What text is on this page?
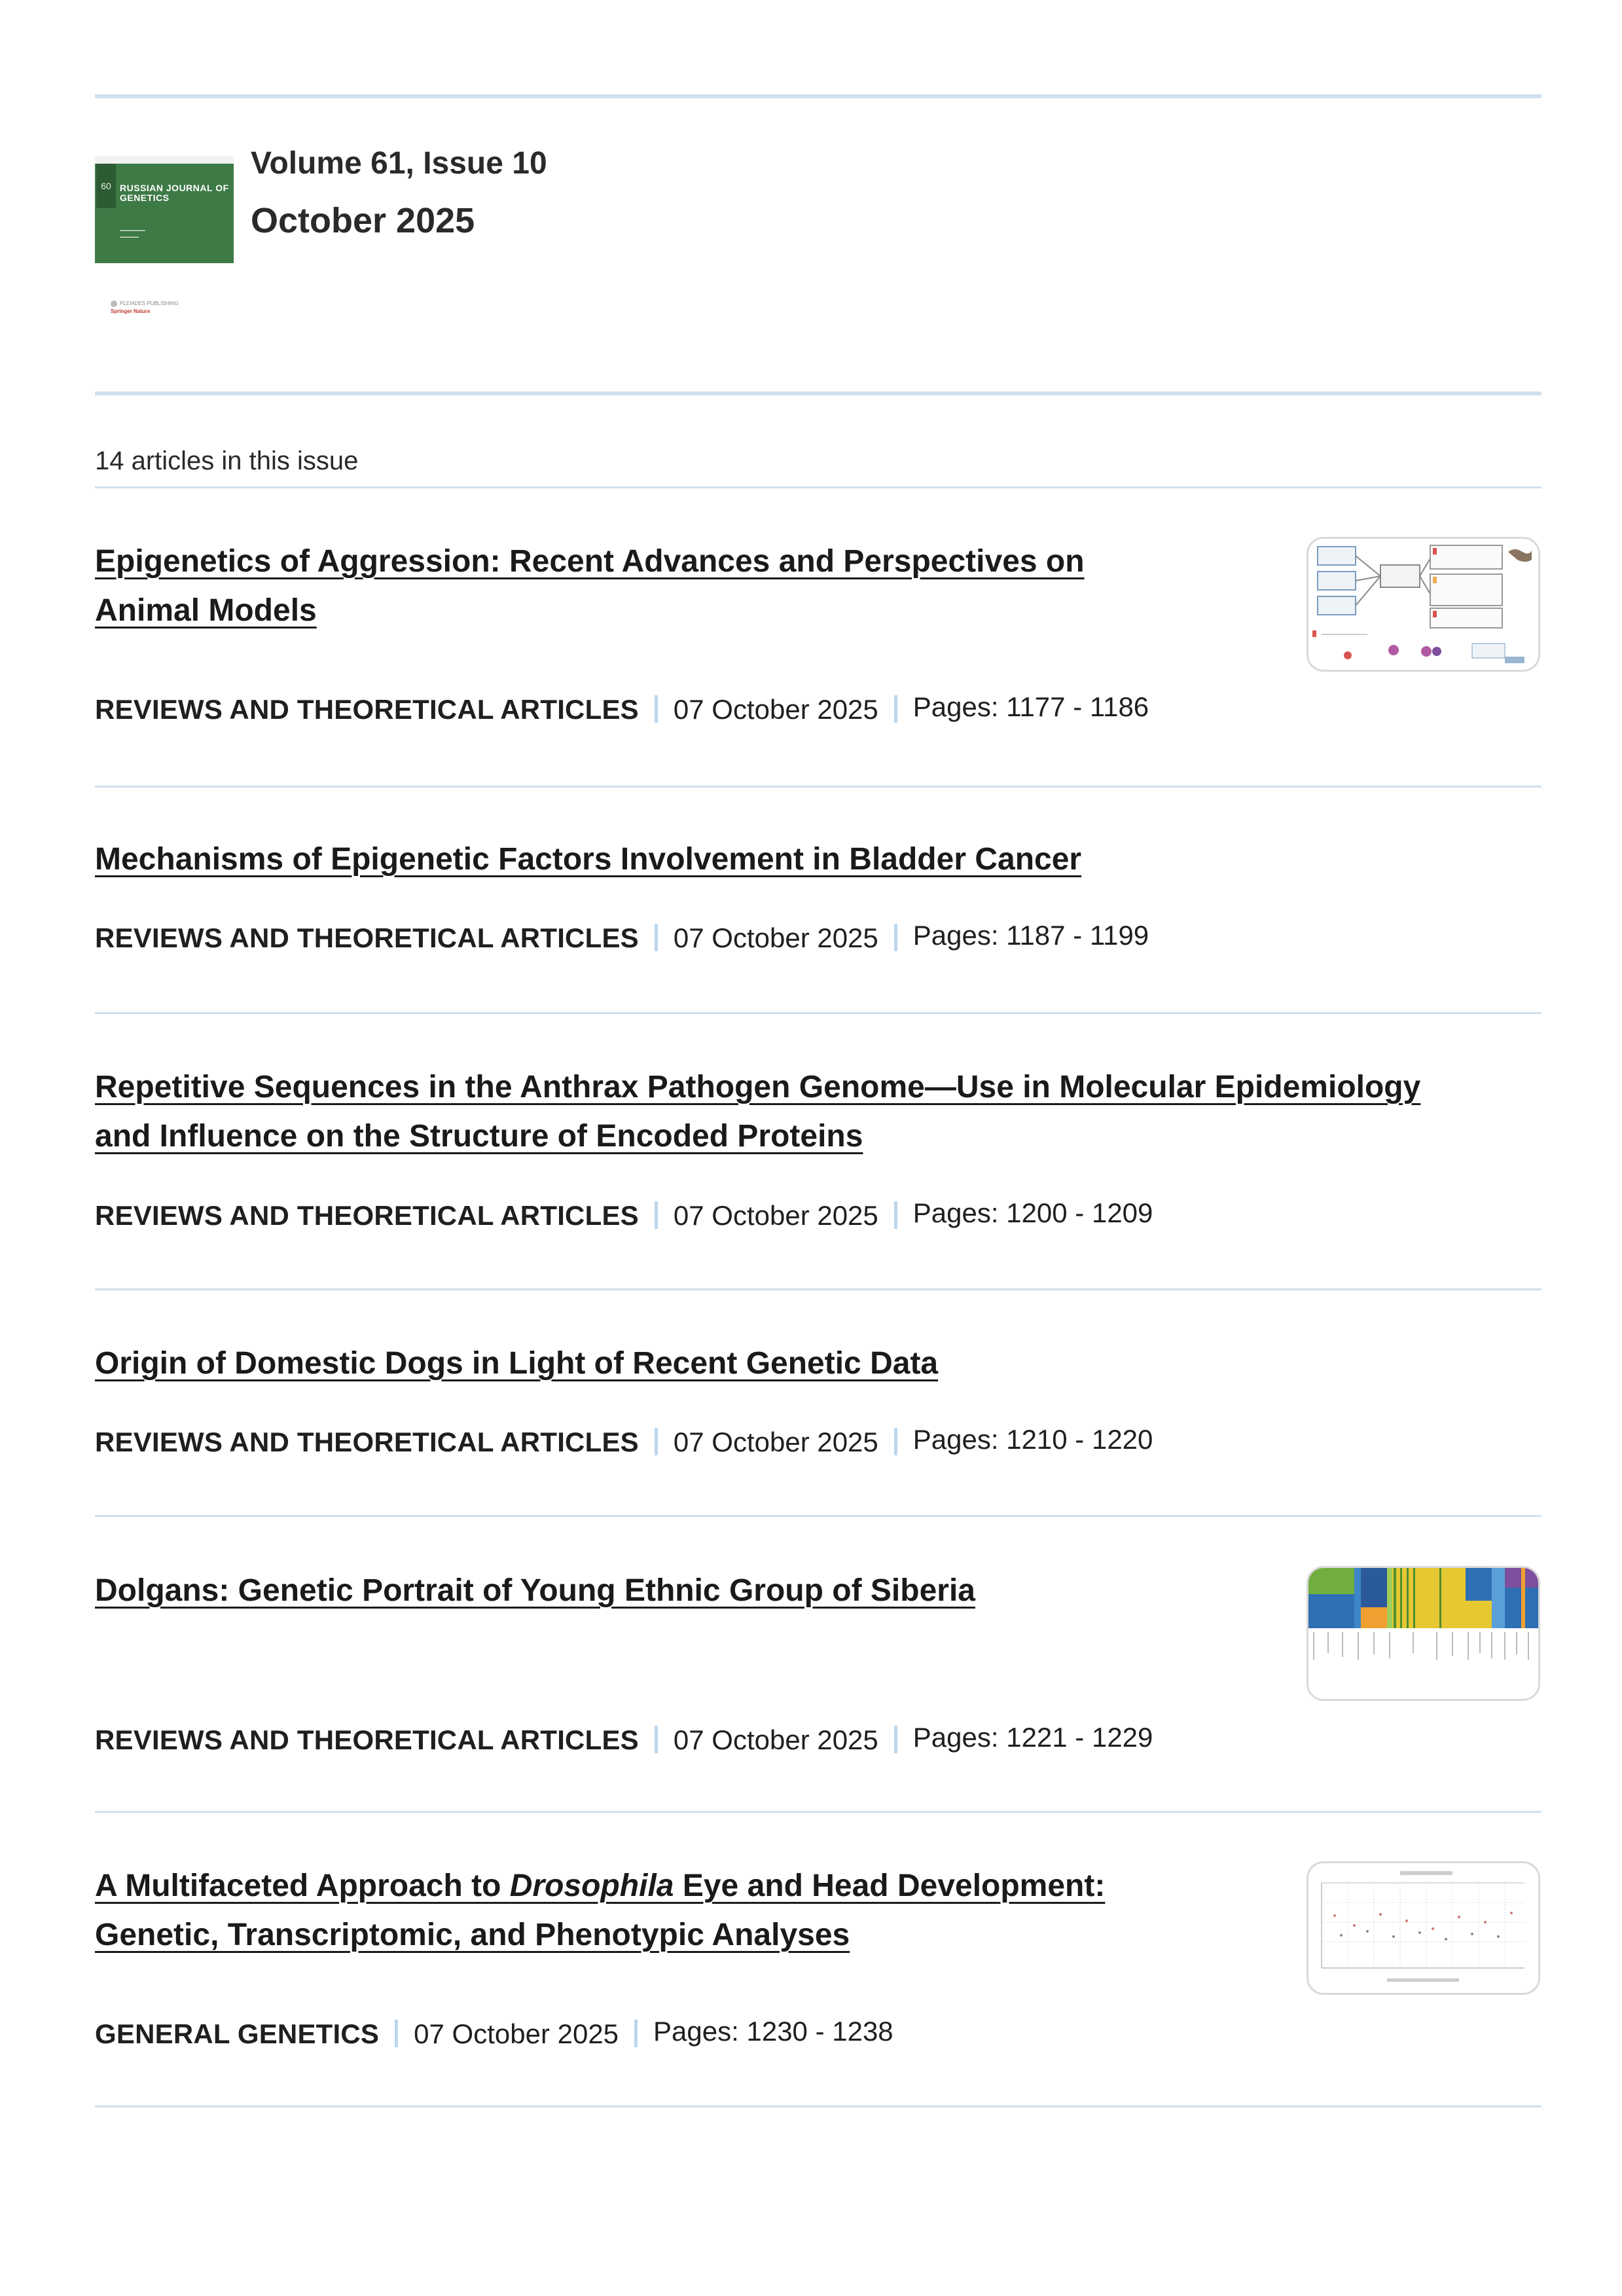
60 RUSSIAN JOURNAL OF GENETICS
━━━━━━━━
━━━━━━
PLEIADES PUBLISHING
Springer Nature
Volume 61, Issue 10
October 2025
14 articles in this issue
Epigenetics of Aggression: Recent Advances and Perspectives on
Animal Models
REVIEWS AND THEORETICAL ARTICLES 07 October 2025 Pages: 1177 - 1186
Mechanisms of Epigenetic Factors Involvement in Bladder Cancer
REVIEWS AND THEORETICAL ARTICLES 07 October 2025 Pages: 1187 - 1199
Repetitive Sequences in the Anthrax Pathogen Genome—Use in Molecular Epidemiology
and Influence on the Structure of Encoded Proteins
REVIEWS AND THEORETICAL ARTICLES 07 October 2025 Pages: 1200 - 1209
Origin of Domestic Dogs in Light of Recent Genetic Data
REVIEWS AND THEORETICAL ARTICLES 07 October 2025 Pages: 1210 - 1220
Dolgans: Genetic Portrait of Young Ethnic Group of Siberia
REVIEWS AND THEORETICAL ARTICLES 07 October 2025 Pages: 1221 - 1229
A Multifaceted Approach to Drosophila Eye and Head Development:
Genetic, Transcriptomic, and Phenotypic Analyses
GENERAL GENETICS 07 October 2025 Pages: 1230 - 1238
